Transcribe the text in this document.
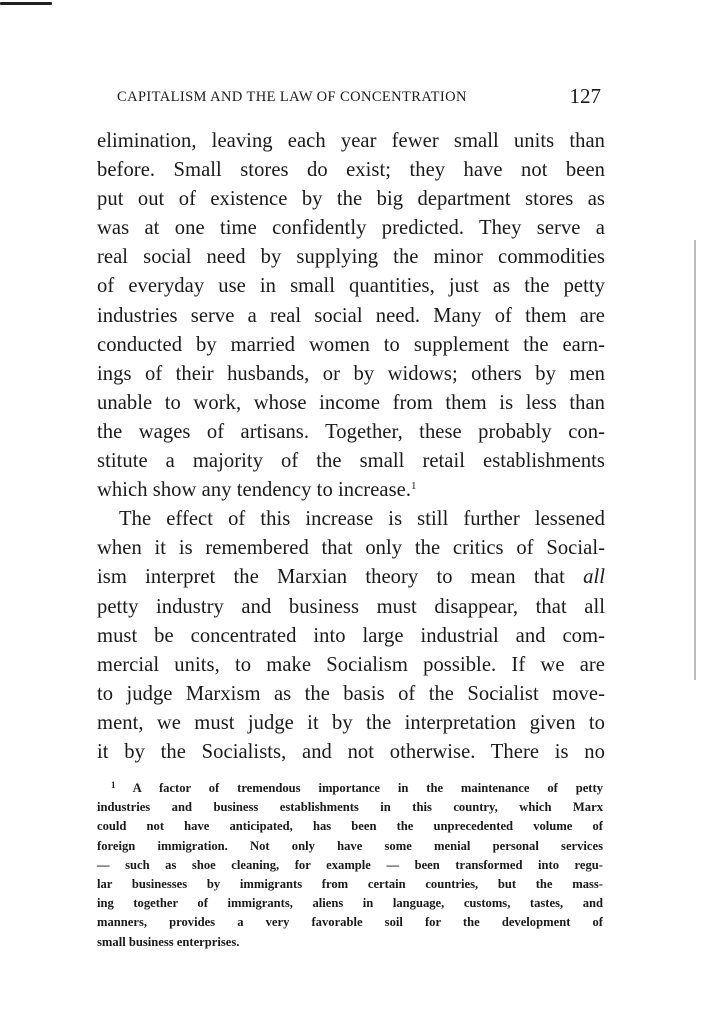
CAPITALISM AND THE LAW OF CONCENTRATION	127
elimination, leaving each year fewer small units than
before. Small stores do exist; they have not been
put out of existence by the big department stores as
was at one time confidently predicted. They serve a
real social need by supplying the minor commodities
of everyday use in small quantities, just as the petty
industries serve a real social need. Many of them are
conducted by married women to supplement the earn-
ings of their husbands, or by widows; others by men
unable to work, whose income from them is less than
the wages of artisans. Together, these probably con-
stitute a majority of the small retail establishments
which show any tendency to increase.$^1$
The effect of this increase is still further lessened
when it is remembered that only the critics of Social-
ism interpret the Marxian theory to mean that all
petty industry and business must disappear, that all
must be concentrated into large industrial and com-
mercial units, to make Socialism possible. If we are
to judge Marxism as the basis of the Socialist move-
ment, we must judge it by the interpretation given to
it by the Socialists, and not otherwise. There is no
$^1$ A factor of tremendous importance in the maintenance of petty
industries and business establishments in this country, which Marx
could not have anticipated, has been the unprecedented volume of
foreign immigration. Not only have some menial personal services
— such as shoe cleaning, for example — been transformed into regu-
lar businesses by immigrants from certain countries, but the mass-
ing together of immigrants, aliens in language, customs, tastes, and
manners, provides a very favorable soil for the development of
small business enterprises.
